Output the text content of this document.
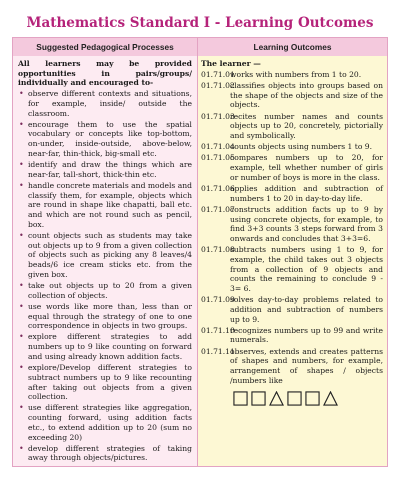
Mathematics Standard I - Learning Outcomes
Suggested Pedagogical Processes	Learning Outcomes
All learners may be provided opportunities in pairs/groups/ individually and encouraged to-
• observe different contexts and situations, for example, inside/ outside the classroom.
• encourage them to use the spatial vocabulary or concepts like top-bottom, on-under, inside-outside, above-below, near-far, thin-thick, big-small etc.
• identify and draw the things which are near-far, tall-short, thick-thin etc.
• handle concrete materials and models and classify them, for example, objects which are round in shape like chapatti, ball etc. and which are not round such as pencil, box.
• count objects such as students may take out objects up to 9 from a given collection of objects such as picking any 8 leaves/4 beads/6 ice cream sticks etc. from the given box.
• take out objects up to 20 from a given collection of objects.
• use words like more than, less than or equal through the strategy of one to one correspondence in objects in two groups.
• explore different strategies to add numbers up to 9 like counting on forward and using already known addition facts.
• explore/Develop different strategies to subtract numbers up to 9 like recounting after taking out objects from a given collection.
• use different strategies like aggregation, counting forward, using addition facts etc., to extend addition up to 20 (sum no exceeding 20)
• develop different strategies of taking away through objects/pictures.
The learner —
01.71.01
works with numbers from 1 to 20.
01.71.02
classifies objects into groups based on the shape of the objects and size of the objects.
01.71.03
recites number names and counts objects up to 20, concretely, pictorially and symbolically.
01.71.04
counts objects using numbers 1 to 9.
01.71.05
compares numbers up to 20, for example, tell whether number of girls or number of boys is more in the class.
01.71.06
applies addition and subtraction of numbers 1 to 20 in day-to-day life.
01.71.07
constructs addition facts up to 9 by using concrete objects, for example, to find 3+3 counts 3 steps forward from 3 onwards and concludes that 3+3=6.
01.71.08
subtracts numbers using 1 to 9, for example, the child takes out 3 objects from a collection of 9 objects and counts the remaining to conclude 9 - 3= 6.
01.71.09
solves day-to-day problems related to addition and subtraction of numbers up to 9.
01.71.10
recognizes numbers up to 99 and write numerals.
01.71.11
observes, extends and creates patterns of shapes and numbers, for example, arrangement of shapes / objects /numbers like
